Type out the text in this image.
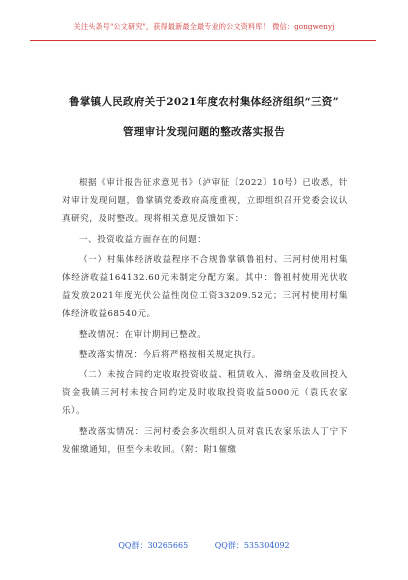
关注头条号"公文研究"，获得最新最全最专业的公文资料库！ 微信：gongwenyj
鲁掌镇人民政府关于2021年度农村集体经济组织“三资”
管理审计发现问题的整改落实报告

根据《审计报告征求意见书》（泸审征〔2022〕10号）已收悉，针对审计发现问题，鲁掌镇党委政府高度重视，立即组织召开党委会议认真研究，及时整改。现将相关意见反馈如下：

一、投资收益方面存在的问题：

（一）村集体经济收益程序不合规鲁掌镇鲁祖村、三河村使用村集体经济收益164132.60元未制定分配方案。其中：鲁祖村使用光伏收益发放2021年度光伏公益性岗位工资33209.52元；三河村使用村集体经济收益68540元。

整改情况：在审计期间已整改。

整改落实情况：今后将严格按相关规定执行。

（二）未按合同约定收取投资收益、租赁收入、滞纳金及收回投入资金我镇三河村未按合同约定及时收取投资收益5000元（袁氏农家乐）。

整改落实情况：三河村委会多次组织人员对袁氏农家乐法人丁宁下发催缴通知，但至今未收回。（附：附1催缴

QQ群：30265665	QQ群：535304092
